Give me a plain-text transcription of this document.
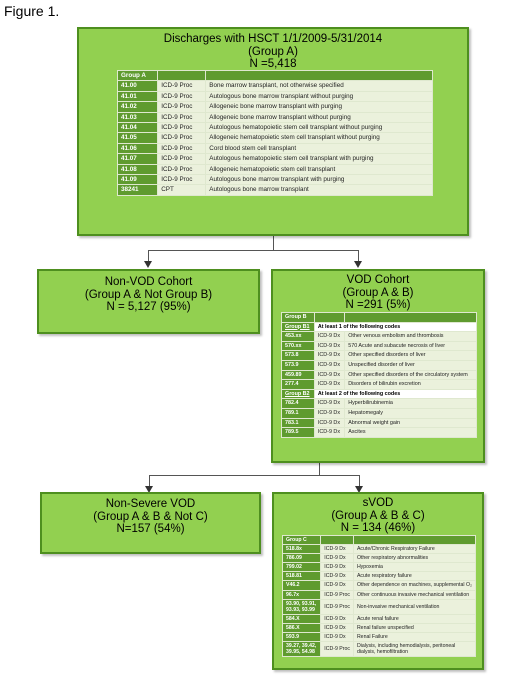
Figure 1.
Discharges with HSCT 1/1/2009-5/31/2014
(Group A)
N =5,418
Group A		
41.00	ICD-9 Proc	Bone marrow transplant, not otherwise specified
41.01	ICD-9 Proc	Autologous bone marrow transplant without purging
41.02	ICD-9 Proc	Allogeneic bone marrow transplant with purging
41.03	ICD-9 Proc	Allogeneic bone marrow transplant without purging
41.04	ICD-9 Proc	Autologous hematopoietic stem cell transplant without purging
41.05	ICD-9 Proc	Allogeneic hematopoietic stem cell transplant without purging
41.06	ICD-9 Proc	Cord blood stem cell transplant
41.07	ICD-9 Proc	Autologous hematopoietic stem cell transplant with purging
41.08	ICD-9 Proc	Allogeneic hematopoietic stem cell transplant
41.09	ICD-9 Proc	Autologous bone marrow transplant with purging
38241	CPT	Autologous bone marrow transplant
Non-VOD Cohort
(Group A & Not Group B)
N = 5,127 (95%)
VOD Cohort
(Group A & B)
N =291 (5%)
Group B		
Group B1	At least 1 of the following codes	
453.xx	ICD-9 Dx	Other venous embolism and thrombosis
570.xx	ICD-9 Dx	570 Acute and subacute necrosis of liver
573.8	ICD-9 Dx	Other specified disorders of liver
573.9	ICD-9 Dx	Unspecified disorder of liver
459.89	ICD-9 Dx	Other specified disorders of the circulatory system
277.4	ICD-9 Dx	Disorders of bilirubin excretion
Group B2	At least 2 of the following codes	
782.4	ICD-9 Dx	Hyperbilirubinemia
789.1	ICD-9 Dx	Hepatomegaly
783.1	ICD-9 Dx	Abnormal weight gain
789.5	ICD-9 Dx	Ascites
Non-Severe VOD
(Group A & B & Not C)
N=157 (54%)
sVOD
(Group A & B & C)
N = 134 (46%)
Group C		
518.8x	ICD-9 Dx	Acute/Chronic Respiratory Failure
786.09	ICD-9 Dx	Other respiratory abnormalities
799.02	ICD-9 Dx	Hypoxemia
518.81	ICD-9 Dx	Acute respiratory failure
V46.2	ICD-9 Dx	Other dependence on machines, supplemental O₂
96.7x	ICD-9 Proc	Other continuous invasive mechanical ventilation
93.90, 93.91, 93.93, 93.99	ICD-9 Proc	Non-invasive mechanical ventilation
584.X	ICD-9 Dx	Acute renal failure
586.X	ICD-9 Dx	Renal failure unspecified
593.9	ICD-9 Dx	Renal Failure
39.27, 39.42, 39.95, 54.98	ICD-9 Proc	Dialysis, including hemodialysis, peritoneal dialysis, hemofiltration
